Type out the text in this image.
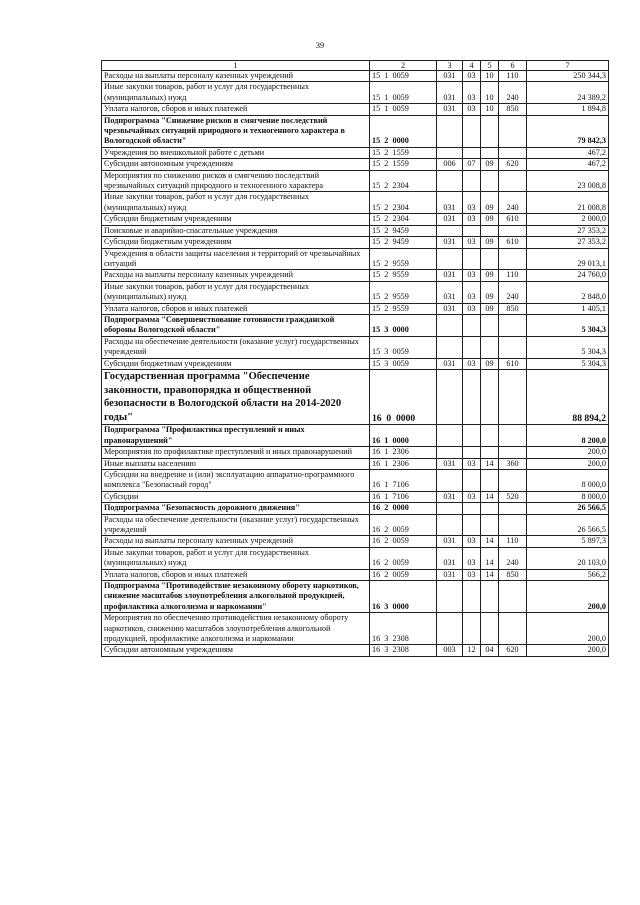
39
1	2	3	4	5	6	7
Расходы на выплаты персоналу казенных учреждений	15  1  0059	031	03	10	110	250 344,3
Иные закупки товаров, работ и услуг для государственных (муниципальных) нужд	15  1  0059	031	03	10	240	24 389,2
Уплата налогов, сборов и иных платежей	15  1  0059	031	03	10	850	1 894,8
Подпрограмма "Снижение рисков и смягчение последствий чрезвычайных ситуаций природного и техногенного характера в Вологодской области"	15  2  0000					79 842,3
Учреждения по внешкольной работе с детьми	15  2  1559					467,2
Субсидии автономным учреждениям	15  2  1559	006	07	09	620	467,2
Мероприятия по снижению рисков и смягчению последствий чрезвычайных ситуаций природного и техногенного характера	15  2  2304					23 008,8
Иные закупки товаров, работ и услуг для государственных (муниципальных) нужд	15  2  2304	031	03	09	240	21 008,8
Субсидии бюджетным учреждениям	15  2  2304	031	03	09	610	2 000,0
Поисковые и аварийно-спасательные учреждения	15  2  9459					27 353,2
Субсидии бюджетным учреждениям	15  2  9459	031	03	09	610	27 353,2
Учреждения в области защиты населения и территорий от чрезвычайных ситуаций	15  2  9559					29 013,1
Расходы на выплаты персоналу казенных учреждений	15  2  9559	031	03	09	110	24 760,0
Иные закупки товаров, работ и услуг для государственных (муниципальных) нужд	15  2  9559	031	03	09	240	2 848,0
Уплата налогов, сборов и иных платежей	15  2  9559	031	03	09	850	1 405,1
Подпрограмма "Совершенствование готовности гражданской обороны Вологодской области"	15  3  0000					5 304,3
Расходы на обеспечение деятельности (оказание услуг) государственных учреждений	15  3  0059					5 304,3
Субсидии бюджетным учреждениям	15  3  0059	031	03	09	610	5 304,3
Государственная программа "Обеспечение законности, правопорядка и общественной безопасности в Вологодской области на 2014-2020 годы"	16  0  0000					88 894,2
Подпрограмма "Профилактика преступлений и иных правонарушений"	16  1  0000					8 200,0
Мероприятия по профилактике преступлений и иных правонарушений	16  1  2306					200,0
Иные выплаты населению	16  1  2306	031	03	14	360	200,0
Субсидии на внедрение и (или) эксплуатацию аппаратно-программного комплекса "Безопасный город"	16  1  7106					8 000,0
Субсидии	16  1  7106	031	03	14	520	8 000,0
Подпрограмма "Безопасность дорожного движения"	16  2  0000					26 566,5
Расходы на обеспечение деятельности (оказание услуг) государственных учреждений	16  2  0059					26 566,5
Расходы на выплаты персоналу казенных учреждений	16  2  0059	031	03	14	110	5 897,3
Иные закупки товаров, работ и услуг для государственных (муниципальных) нужд	16  2  0059	031	03	14	240	20 103,0
Уплата налогов, сборов и иных платежей	16  2  0059	031	03	14	850	566,2
Подпрограмма "Противодействие незаконному обороту наркотиков, снижение масштабов злоупотребления алкогольной продукцией, профилактика алкоголизма и наркомании"	16  3  0000					200,0
Мероприятия по обеспечению противодействия незаконному обороту наркотиков, снижению масштабов злоупотребления алкогольной продукцией, профилактике алкоголизма и наркомании	16  3  2308					200,0
Субсидии автономным учреждениям	16  3  2308	003	12	04	620	200,0
